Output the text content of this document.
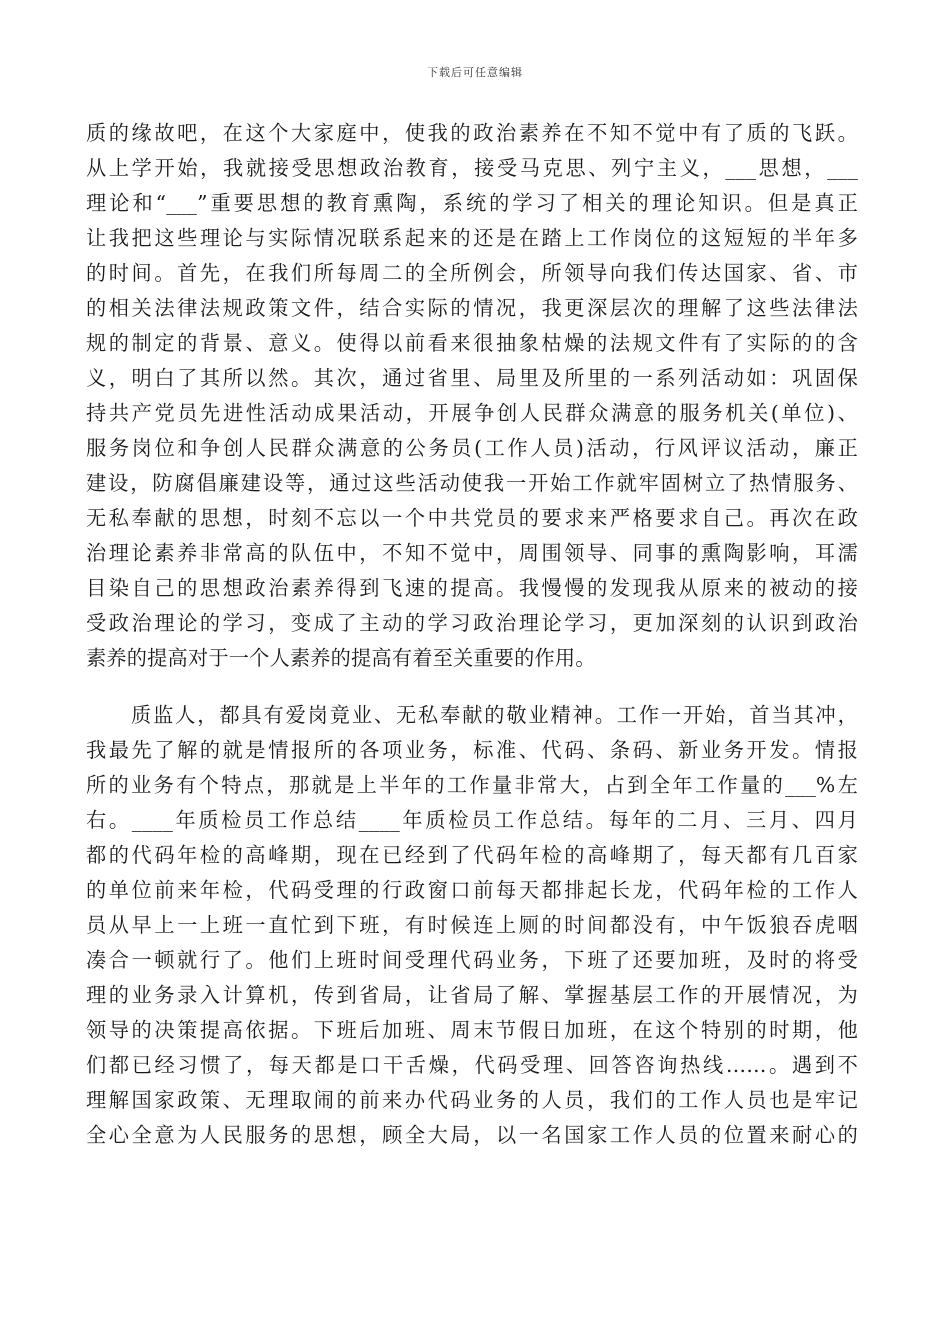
下载后可任意编辑
质的缘故吧，在这个大家庭中，使我的政治素养在不知不觉中有了质的飞跃。
从上学开始，我就接受思想政治教育，接受马克思、列宁主义，___思想，___
理论和“___”重要思想的教育熏陶，系统的学习了相关的理论知识。但是真正
让我把这些理论与实际情况联系起来的还是在踏上工作岗位的这短短的半年多
的时间。首先，在我们所每周二的全所例会，所领导向我们传达国家、省、市
的相关法律法规政策文件，结合实际的情况，我更深层次的理解了这些法律法
规的制定的背景、意义。使得以前看来很抽象枯燥的法规文件有了实际的的含
义，明白了其所以然。其次，通过省里、局里及所里的一系列活动如：巩固保
持共产党员先进性活动成果活动，开展争创人民群众满意的服务机关(单位)、
服务岗位和争创人民群众满意的公务员(工作人员)活动，行风评议活动，廉正
建设，防腐倡廉建设等，通过这些活动使我一开始工作就牢固树立了热情服务、
无私奉献的思想，时刻不忘以一个中共党员的要求来严格要求自己。再次在政
治理论素养非常高的队伍中，不知不觉中，周围领导、同事的熏陶影响，耳濡
目染自己的思想政治素养得到飞速的提高。我慢慢的发现我从原来的被动的接
受政治理论的学习，变成了主动的学习政治理论学习，更加深刻的认识到政治
素养的提高对于一个人素养的提高有着至关重要的作用。
质监人，都具有爱岗竟业、无私奉献的敬业精神。工作一开始，首当其冲，
我最先了解的就是情报所的各项业务，标准、代码、条码、新业务开发。情报
所的业务有个特点，那就是上半年的工作量非常大，占到全年工作量的___%左
右。____年质检员工作总结____年质检员工作总结。每年的二月、三月、四月
都的代码年检的高峰期，现在已经到了代码年检的高峰期了，每天都有几百家
的单位前来年检，代码受理的行政窗口前每天都排起长龙，代码年检的工作人
员从早上一上班一直忙到下班，有时候连上厕的时间都没有，中午饭狼吞虎咽
凑合一顿就行了。他们上班时间受理代码业务，下班了还要加班，及时的将受
理的业务录入计算机，传到省局，让省局了解、掌握基层工作的开展情况，为
领导的决策提高依据。下班后加班、周末节假日加班，在这个特别的时期，他
们都已经习惯了，每天都是口干舌燥，代码受理、回答咨询热线……。遇到不
理解国家政策、无理取闹的前来办代码业务的人员，我们的工作人员也是牢记
全心全意为人民服务的思想，顾全大局，以一名国家工作人员的位置来耐心的
